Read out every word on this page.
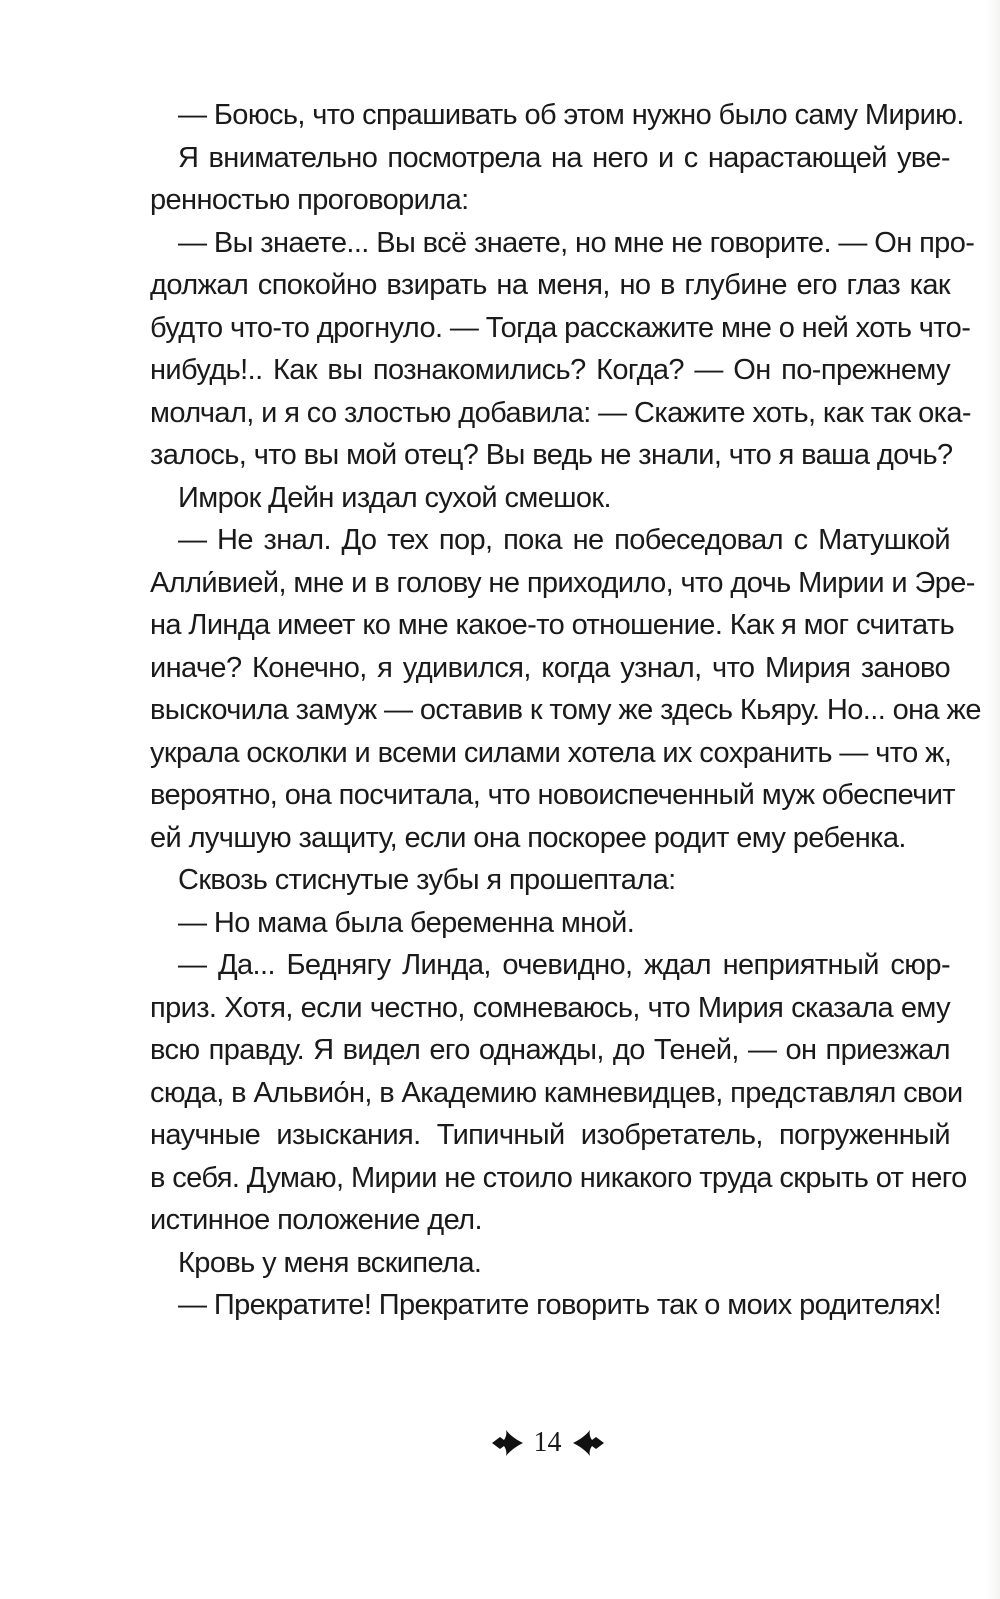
— Боюсь, что спрашивать об этом нужно было саму Мирию.
Я внимательно посмотрела на него и с нарастающей уве-
ренностью проговорила:
— Вы знаете... Вы всё знаете, но мне не говорите. — Он про-
должал спокойно взирать на меня, но в глубине его глаз как
будто что-то дрогнуло. — Тогда расскажите мне о ней хоть что-
нибудь!.. Как вы познакомились? Когда? — Он по-прежнему
молчал, и я со злостью добавила: — Скажите хоть, как так ока-
залось, что вы мой отец? Вы ведь не знали, что я ваша дочь?
Имрок Дейн издал сухой смешок.
— Не знал. До тех пор, пока не побеседовал с Матушкой
Алли́вией, мне и в голову не приходило, что дочь Мирии и Эре-
на Линда имеет ко мне какое-то отношение. Как я мог считать
иначе? Конечно, я удивился, когда узнал, что Мирия заново
выскочила замуж — оставив к тому же здесь Кьяру. Но... она же
украла осколки и всеми силами хотела их сохранить — что ж,
вероятно, она посчитала, что новоиспеченный муж обеспечит
ей лучшую защиту, если она поскорее родит ему ребенка.
Сквозь стиснутые зубы я прошептала:
— Но мама была беременна мной.
— Да... Беднягу Линда, очевидно, ждал неприятный сюр-
приз. Хотя, если честно, сомневаюсь, что Мирия сказала ему
всю правду. Я видел его однажды, до Теней, — он приезжал
сюда, в Альвио́н, в Академию камневидцев, представлял свои
научные изыскания. Типичный изобретатель, погруженный
в себя. Думаю, Мирии не стоило никакого труда скрыть от него
истинное положение дел.
Кровь у меня вскипела.
— Прекратите! Прекратите говорить так о моих родителях!
14
